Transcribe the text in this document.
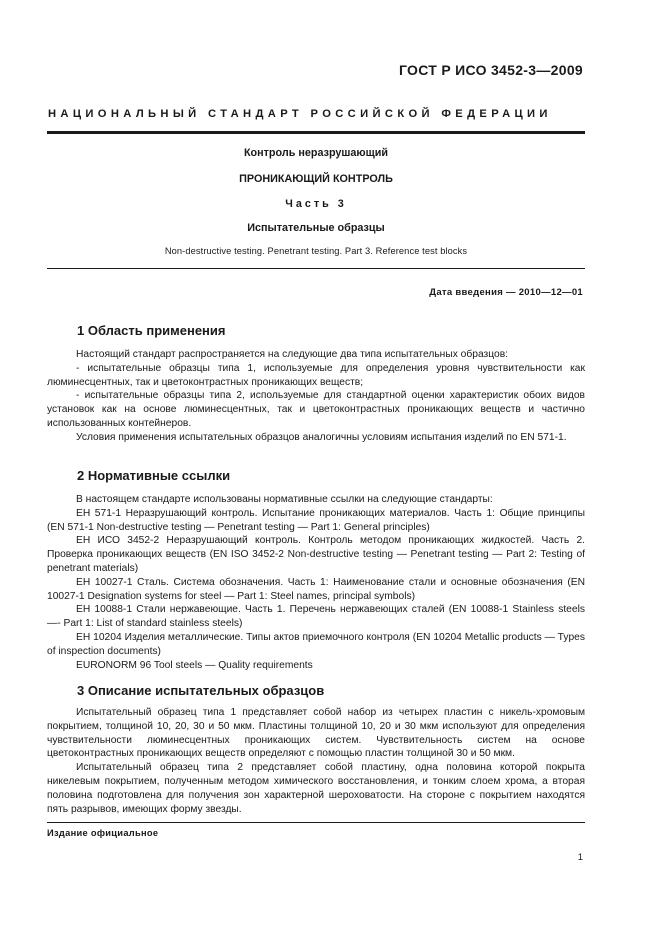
ГОСТ Р ИСО 3452-3—2009
НАЦИОНАЛЬНЫЙ СТАНДАРТ РОССИЙСКОЙ ФЕДЕРАЦИИ
Контроль неразрушающий
ПРОНИКАЮЩИЙ КОНТРОЛЬ
Часть 3
Испытательные образцы
Non-destructive testing. Penetrant testing. Part 3. Reference test blocks
Дата введения — 2010—12—01
1 Область применения

Настоящий стандарт распространяется на следующие два типа испытательных образцов:

- испытательные образцы типа 1, используемые для определения уровня чувствительности как люминесцентных, так и цветоконтрастных проникающих веществ;

- испытательные образцы типа 2, используемые для стандартной оценки характеристик обоих видов установок как на основе люминесцентных, так и цветоконтрастных проникающих веществ и частично использованных контейнеров.

Условия применения испытательных образцов аналогичны условиям испытания изделий по EN 571-1.

2 Нормативные ссылки

В настоящем стандарте использованы нормативные ссылки на следующие стандарты:

ЕН 571-1 Неразрушающий контроль. Испытание проникающих материалов. Часть 1: Общие принципы (EN 571-1 Non-destructive testing — Penetrant testing — Part 1: General principles)

ЕН ИСО 3452-2 Неразрушающий контроль. Контроль методом проникающих жидкостей. Часть 2. Проверка проникающих веществ (EN ISO 3452-2 Non-destructive testing — Penetrant testing — Part 2: Testing of penetrant materials)

ЕН 10027-1 Сталь. Система обозначения. Часть 1: Наименование стали и основные обозначения (EN 10027-1 Designation systems for steel — Part 1: Steel names, principal symbols)

ЕН 10088-1 Стали нержавеющие. Часть 1. Перечень нержавеющих сталей (EN 10088-1 Stainless steels —- Part 1: List of standard stainless steels)

ЕН 10204 Изделия металлические. Типы актов приемочного контроля (EN 10204 Metallic products — Types of inspection documents)

EURONORM 96 Tool steels — Quality requirements

3 Описание испытательных образцов

Испытательный образец типа 1 представляет собой набор из четырех пластин с никель-хромовым покрытием, толщиной 10, 20, 30 и 50 мкм. Пластины толщиной 10, 20 и 30 мкм используют для определения чувствительности люминесцентных проникающих систем. Чувствительность систем на основе цветоконтрастных проникающих веществ определяют с помощью пластин толщиной 30 и 50 мкм.

Испытательный образец типа 2 представляет собой пластину, одна половина которой покрыта никелевым покрытием, полученным методом химического восстановления, и тонким слоем хрома, а вторая половина подготовлена для получения зон характерной шероховатости. На стороне с покрытием находятся пять разрывов, имеющих форму звезды.

Издание официальное
1
